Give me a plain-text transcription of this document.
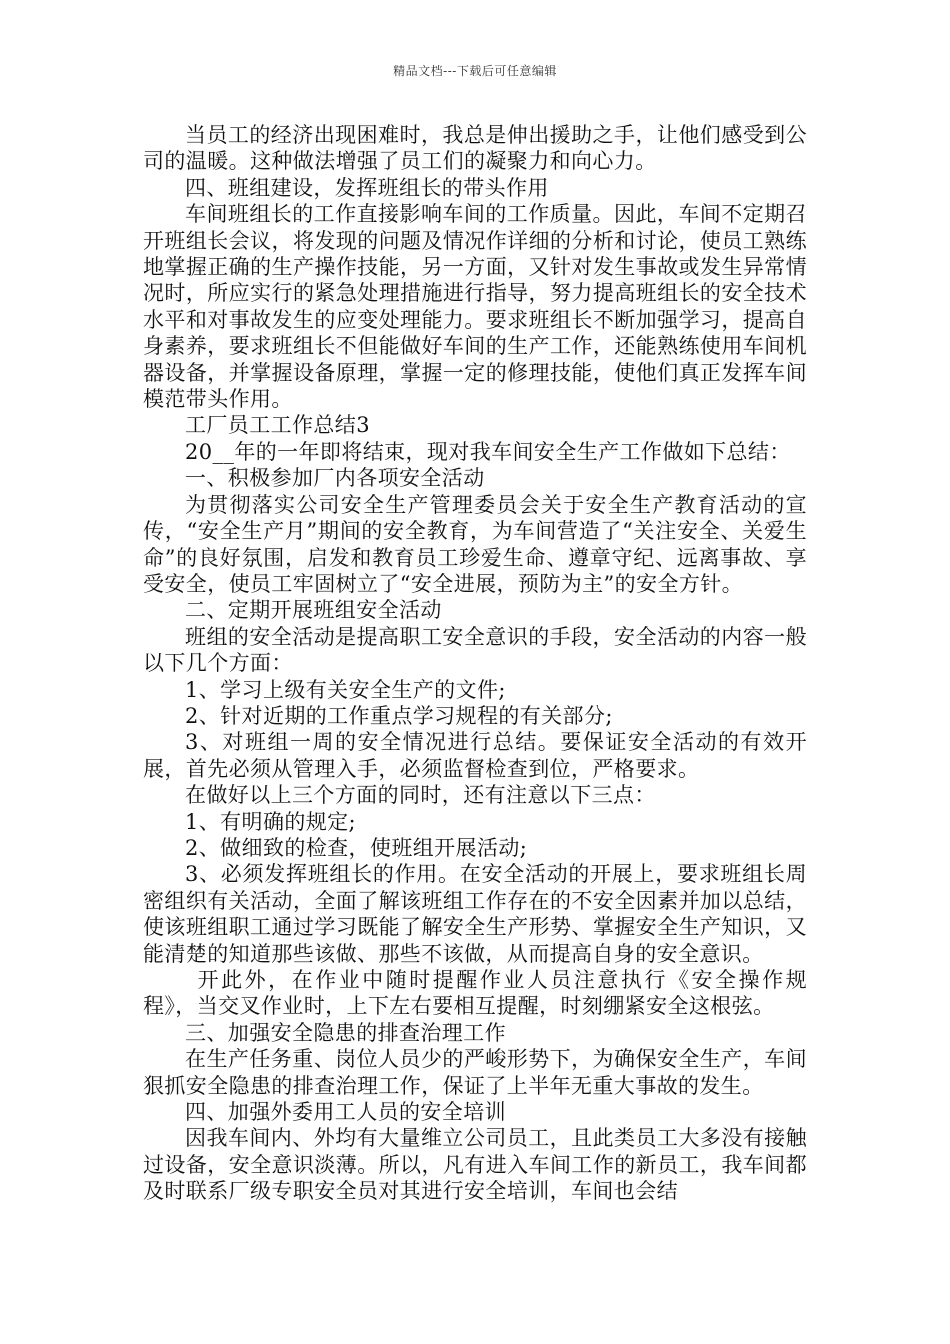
精品文档---下载后可任意编辑

当员工的经济出现困难时，我总是伸出援助之手，让他们感受到公司的温暖。这种做法增强了员工们的凝聚力和向心力。

四、班组建设，发挥班组长的带头作用

车间班组长的工作直接影响车间的工作质量。因此，车间不定期召开班组长会议，将发现的问题及情况作详细的分析和讨论，使员工熟练地掌握正确的生产操作技能，另一方面，又针对发生事故或发生异常情况时，所应实行的紧急处理措施进行指导，努力提高班组长的安全技术水平和对事故发生的应变处理能力。要求班组长不断加强学习，提高自身素养，要求班组长不但能做好车间的生产工作，还能熟练使用车间机器设备，并掌握设备原理，掌握一定的修理技能，使他们真正发挥车间模范带头作用。

工厂员工工作总结3

20__年的一年即将结束，现对我车间安全生产工作做如下总结：

一、积极参加厂内各项安全活动

为贯彻落实公司安全生产管理委员会关于安全生产教育活动的宣传，“安全生产月”期间的安全教育，为车间营造了“关注安全、关爱生命”的良好氛围，启发和教育员工珍爱生命、遵章守纪、远离事故、享受安全，使员工牢固树立了“安全进展，预防为主”的安全方针。

二、定期开展班组安全活动

班组的安全活动是提高职工安全意识的手段，安全活动的内容一般以下几个方面：

1、学习上级有关安全生产的文件;

2、针对近期的工作重点学习规程的有关部分;

3、对班组一周的安全情况进行总结。要保证安全活动的有效开展，首先必须从管理入手，必须监督检查到位，严格要求。

在做好以上三个方面的同时，还有注意以下三点：

1、有明确的规定;

2、做细致的检查，使班组开展活动;

3、必须发挥班组长的作用。在安全活动的开展上，要求班组长周密组织有关活动，全面了解该班组工作存在的不安全因素并加以总结，使该班组职工通过学习既能了解安全生产形势、掌握安全生产知识，又能清楚的知道那些该做、那些不该做，从而提高自身的安全意识。

开此外，在作业中随时提醒作业人员注意执行《安全操作规程》，当交叉作业时，上下左右要相互提醒，时刻绷紧安全这根弦。

三、加强安全隐患的排查治理工作

在生产任务重、岗位人员少的严峻形势下，为确保安全生产，车间狠抓安全隐患的排查治理工作，保证了上半年无重大事故的发生。

四、加强外委用工人员的安全培训

因我车间内、外均有大量维立公司员工，且此类员工大多没有接触过设备，安全意识淡薄。所以，凡有进入车间工作的新员工，我车间都及时联系厂级专职安全员对其进行安全培训，车间也会结
